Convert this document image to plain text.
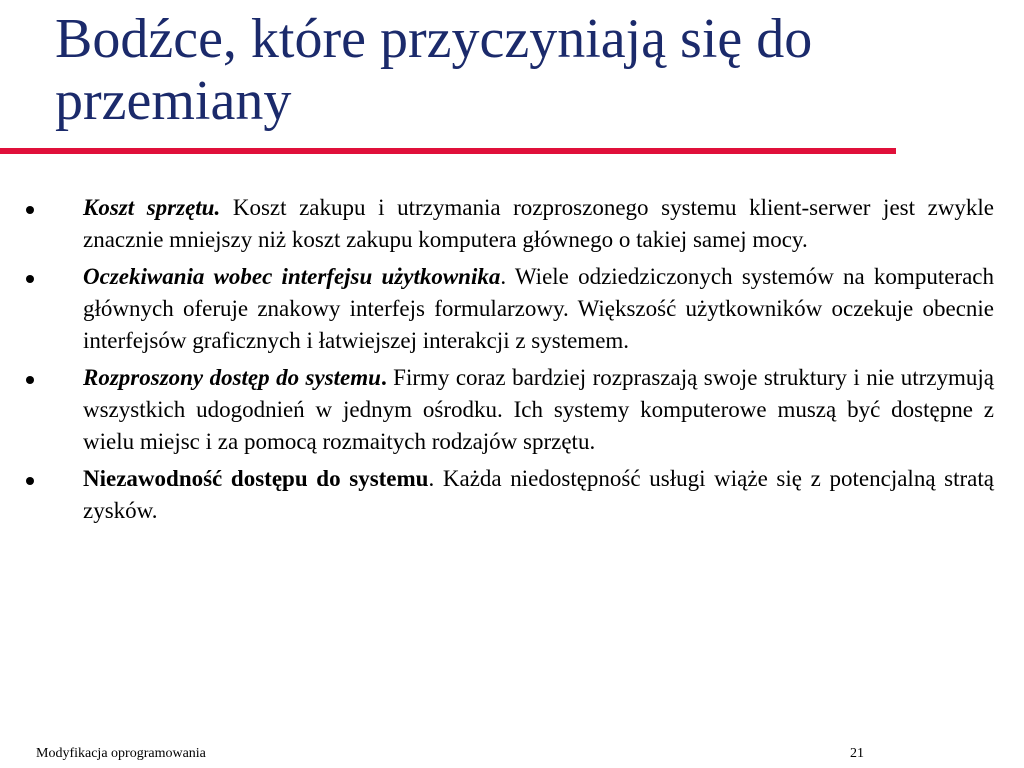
Bodźce, które przyczyniają się do przemiany
Koszt sprzętu. Koszt zakupu i utrzymania rozproszonego systemu klient-serwer jest zwykle znacznie mniejszy niż koszt zakupu komputera głównego o takiej samej mocy.
Oczekiwania wobec interfejsu użytkownika. Wiele odziedziczonych systemów na komputerach głównych oferuje znakowy interfejs formularzowy. Większość użytkowników oczekuje obecnie interfejsów graficznych i łatwiejszej interakcji z systemem.
Rozproszony dostęp do systemu. Firmy coraz bardziej rozpraszają swoje struktury i nie utrzymują wszystkich udogodnień w jednym ośrodku. Ich systemy komputerowe muszą być dostępne z wielu miejsc i za pomocą rozmaitych rodzajów sprzętu.
Niezawodność dostępu do systemu. Każda niedostępność usługi wiąże się z potencjalną stratą zysków.
Modyfikacja oprogramowania	21
